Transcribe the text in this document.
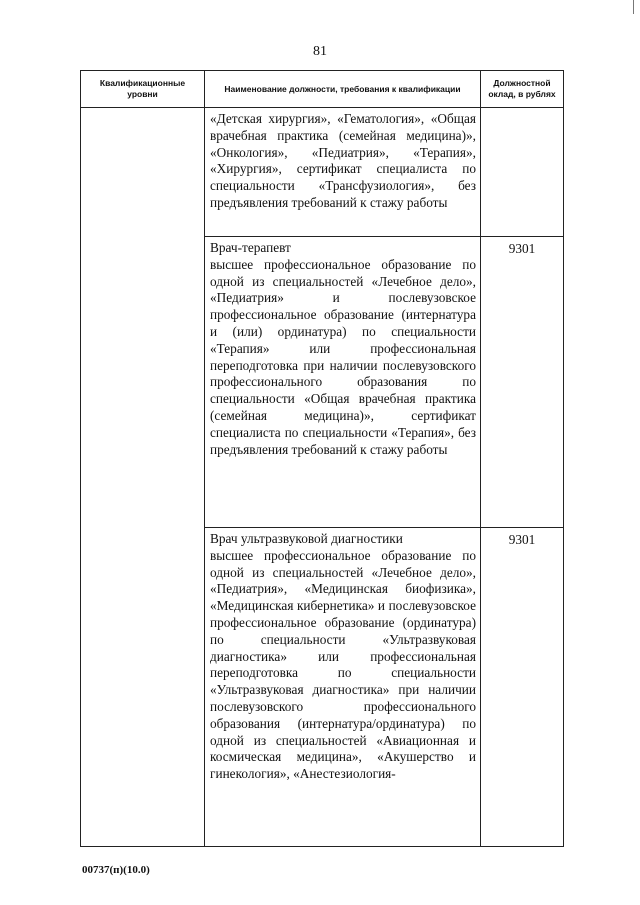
81
Квалификационные уровни	Наименование должности, требования к квалификации	Должностной оклад, в рублях

	«Детская хирургия», «Гематология», «Общая врачебная практика (семейная медицина)», «Онкология», «Педиатрия», «Терапия», «Хирургия», сертификат специалиста по специальности «Трансфузиология», без предъявления требований к стажу работы	

	Врач-терапевт

высшее профессиональное образование по одной из специальностей «Лечебное дело», «Педиатрия» и послевузовское профессиональное образование (интернатура и (или) ординатура) по специальности «Терапия» или профессиональная переподготовка при наличии послевузовского профессионального образования по специальности «Общая врачебная практика (семейная медицина)», сертификат специалиста по специальности «Терапия», без предъявления требований к стажу работы	9301

	Врач ультразвуковой диагностики

высшее профессиональное образование по одной из специальностей «Лечебное дело», «Педиатрия», «Медицинская биофизика», «Медицинская кибернетика» и послевузовское профессиональное образование (ординатура) по специальности «Ультразвуковая диагностика» или профессиональная переподготовка по специальности «Ультразвуковая диагностика» при наличии послевузовского профессионального образования (интернатура/ординатура) по одной из специальностей «Авиационная и космическая медицина», «Акушерство и гинекология», «Анестезиология-	9301
00737(п)(10.0)
